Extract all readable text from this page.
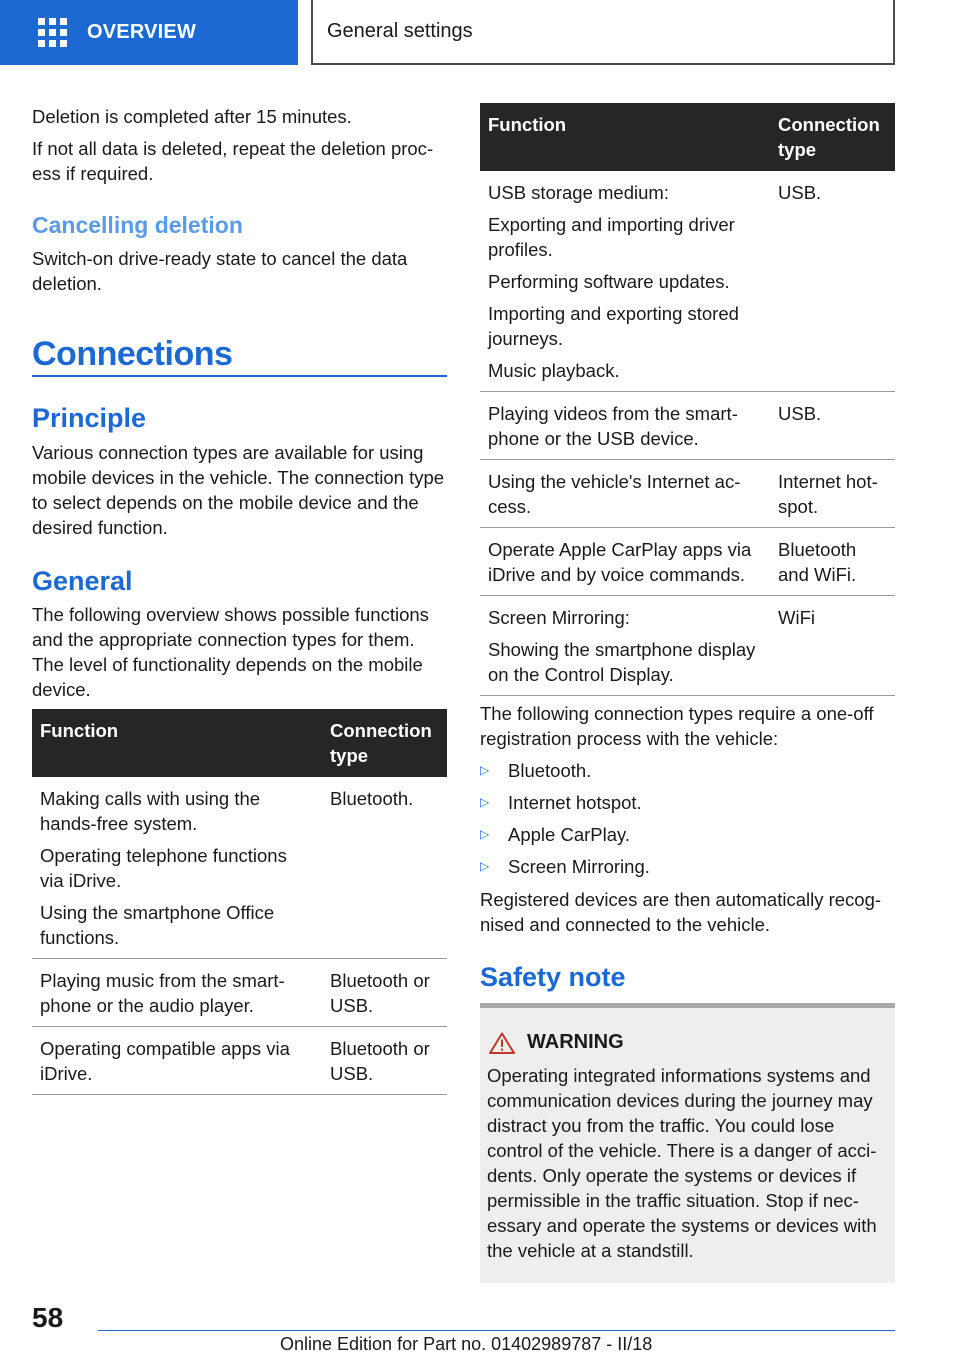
OVERVIEW	General settings

Deletion is completed after 15 minutes.

If not all data is deleted, repeat the deletion process if required.

Cancelling deletion

Switch-on drive-ready state to cancel the data deletion.

Connections
Principle

Various connection types are available for using mobile devices in the vehicle. The connection type to select depends on the mobile device and the desired function.

General

The following overview shows possible functions and the appropriate connection types for them. The level of functionality depends on the mobile device.

Function	Connection type

Making calls with using the hands-free system.
Operating telephone functions via iDrive.
Using the smartphone Office functions.	Bluetooth.

Playing music from the smartphone or the audio player.	Bluetooth or USB.

Operating compatible apps via iDrive.	Bluetooth or USB.
Function	Connection type

USB storage medium:
Exporting and importing driver profiles.
Performing software updates.
Importing and exporting stored journeys.
Music playback.	USB.

Playing videos from the smartphone or the USB device.	USB.

Using the vehicle's Internet access.	Internet hotspot.

Operate Apple CarPlay apps via iDrive and by voice commands.	Bluetooth and WiFi.

Screen Mirroring:
Showing the smartphone display on the Control Display.	WiFi

The following connection types require a one-off registration process with the vehicle:

▷	Bluetooth.
▷	Internet hotspot.
▷	Apple CarPlay.
▷	Screen Mirroring.

Registered devices are then automatically recognised and connected to the vehicle.

Safety note
WARNING

Operating integrated informations systems and communication devices during the journey may distract you from the traffic. You could lose control of the vehicle. There is a danger of accidents. Only operate the systems or devices if permissible in the traffic situation. Stop if necessary and operate the systems or devices with the vehicle at a standstill.

58
Online Edition for Part no. 01402989787 - II/18
